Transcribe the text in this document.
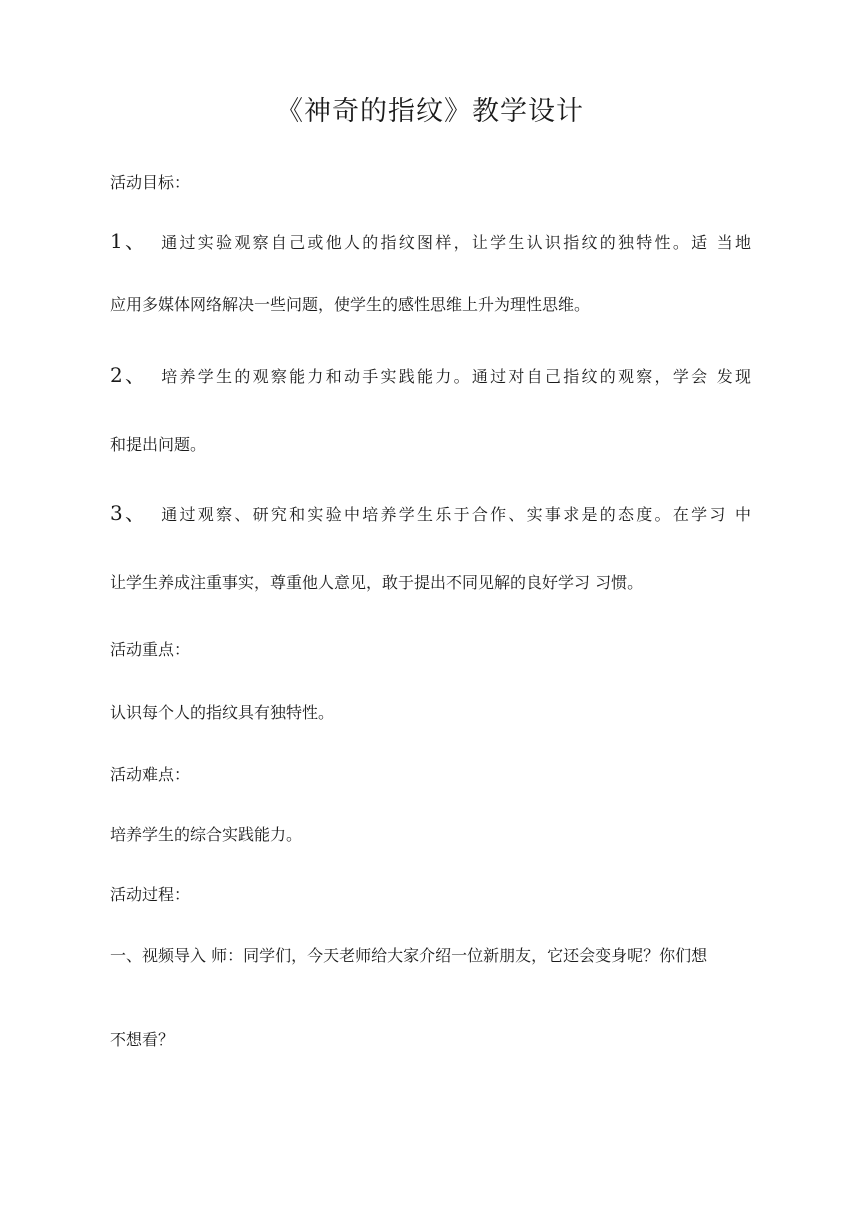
《神奇的指纹》教学设计
活动目标：
1、 通过实验观察自己或他人的指纹图样，让学生认识指纹的独特性。适 当地
应用多媒体网络解决一些问题，使学生的感性思维上升为理性思维。
2、 培养学生的观察能力和动手实践能力。通过对自己指纹的观察，学会 发现
和提出问题。
3、 通过观察、研究和实验中培养学生乐于合作、实事求是的态度。在学习 中
让学生养成注重事实，尊重他人意见，敢于提出不同见解的良好学习 习惯。
活动重点：
认识每个人的指纹具有独特性。
活动难点：
培养学生的综合实践能力。
活动过程：
一、视频导入 师：同学们，今天老师给大家介绍一位新朋友，它还会变身呢？你们想
不想看？
